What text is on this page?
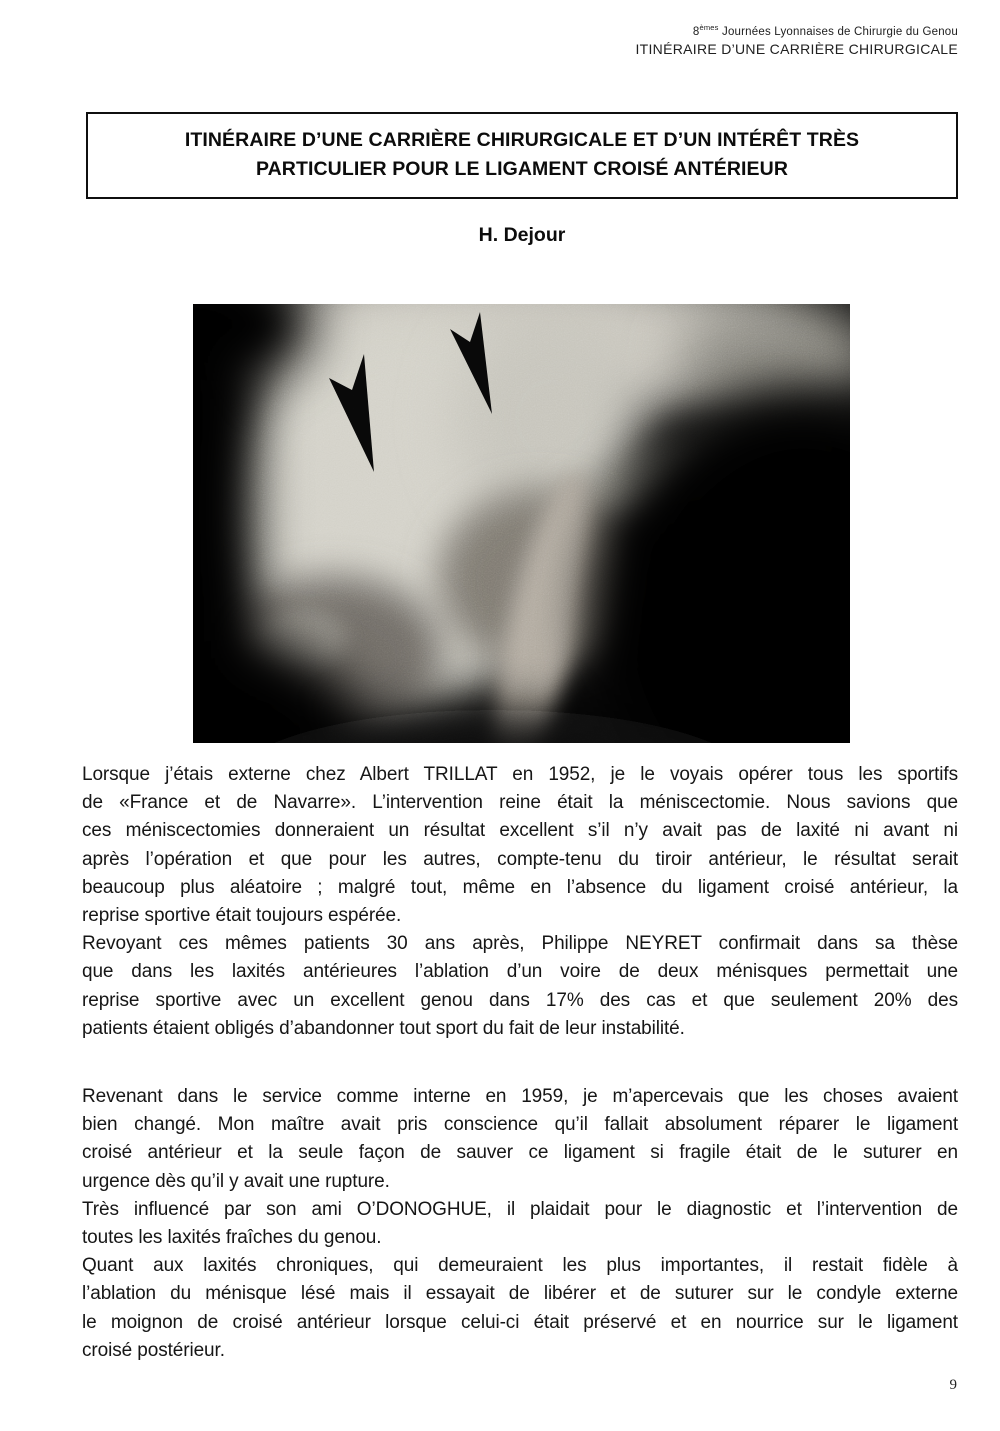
8èmes Journées Lyonnaises de Chirurgie du Genou
ITINÉRAIRE D’UNE CARRIÈRE CHIRURGICALE
ITINÉRAIRE D’UNE CARRIÈRE CHIRURGICALE ET D’UN INTÉRÊT TRÈS
PARTICULIER POUR LE LIGAMENT CROISÉ ANTÉRIEUR
H. Dejour
Lorsque j’étais externe chez Albert TRILLAT en 1952, je le voyais opérer tous les sportifs
de «France et de Navarre». L’intervention reine était la méniscectomie. Nous savions que
ces méniscectomies donneraient un résultat excellent s’il n’y avait pas de laxité ni avant ni
après l’opération et que pour les autres, compte-tenu du tiroir antérieur, le résultat serait
beaucoup plus aléatoire ; malgré tout, même en l’absence du ligament croisé antérieur, la
reprise sportive était toujours espérée.
Revoyant ces mêmes patients 30 ans après, Philippe NEYRET confirmait dans sa thèse
que dans les laxités antérieures l’ablation d’un voire de deux ménisques permettait une
reprise sportive avec un excellent genou dans 17% des cas et que seulement 20% des
patients étaient obligés d’abandonner tout sport du fait de leur instabilité.
Revenant dans le service comme interne en 1959, je m’apercevais que les choses avaient
bien changé. Mon maître avait pris conscience qu’il fallait absolument réparer le ligament
croisé antérieur et la seule façon de sauver ce ligament si fragile était de le suturer en
urgence dès qu’il y avait une rupture.
Très influencé par son ami O’DONOGHUE, il plaidait pour le diagnostic et l’intervention de
toutes les laxités fraîches du genou.
Quant aux laxités chroniques, qui demeuraient les plus importantes, il restait fidèle à
l’ablation du ménisque lésé mais il essayait de libérer et de suturer sur le condyle externe
le moignon de croisé antérieur lorsque celui-ci était préservé et en nourrice sur le ligament
croisé postérieur.
9
